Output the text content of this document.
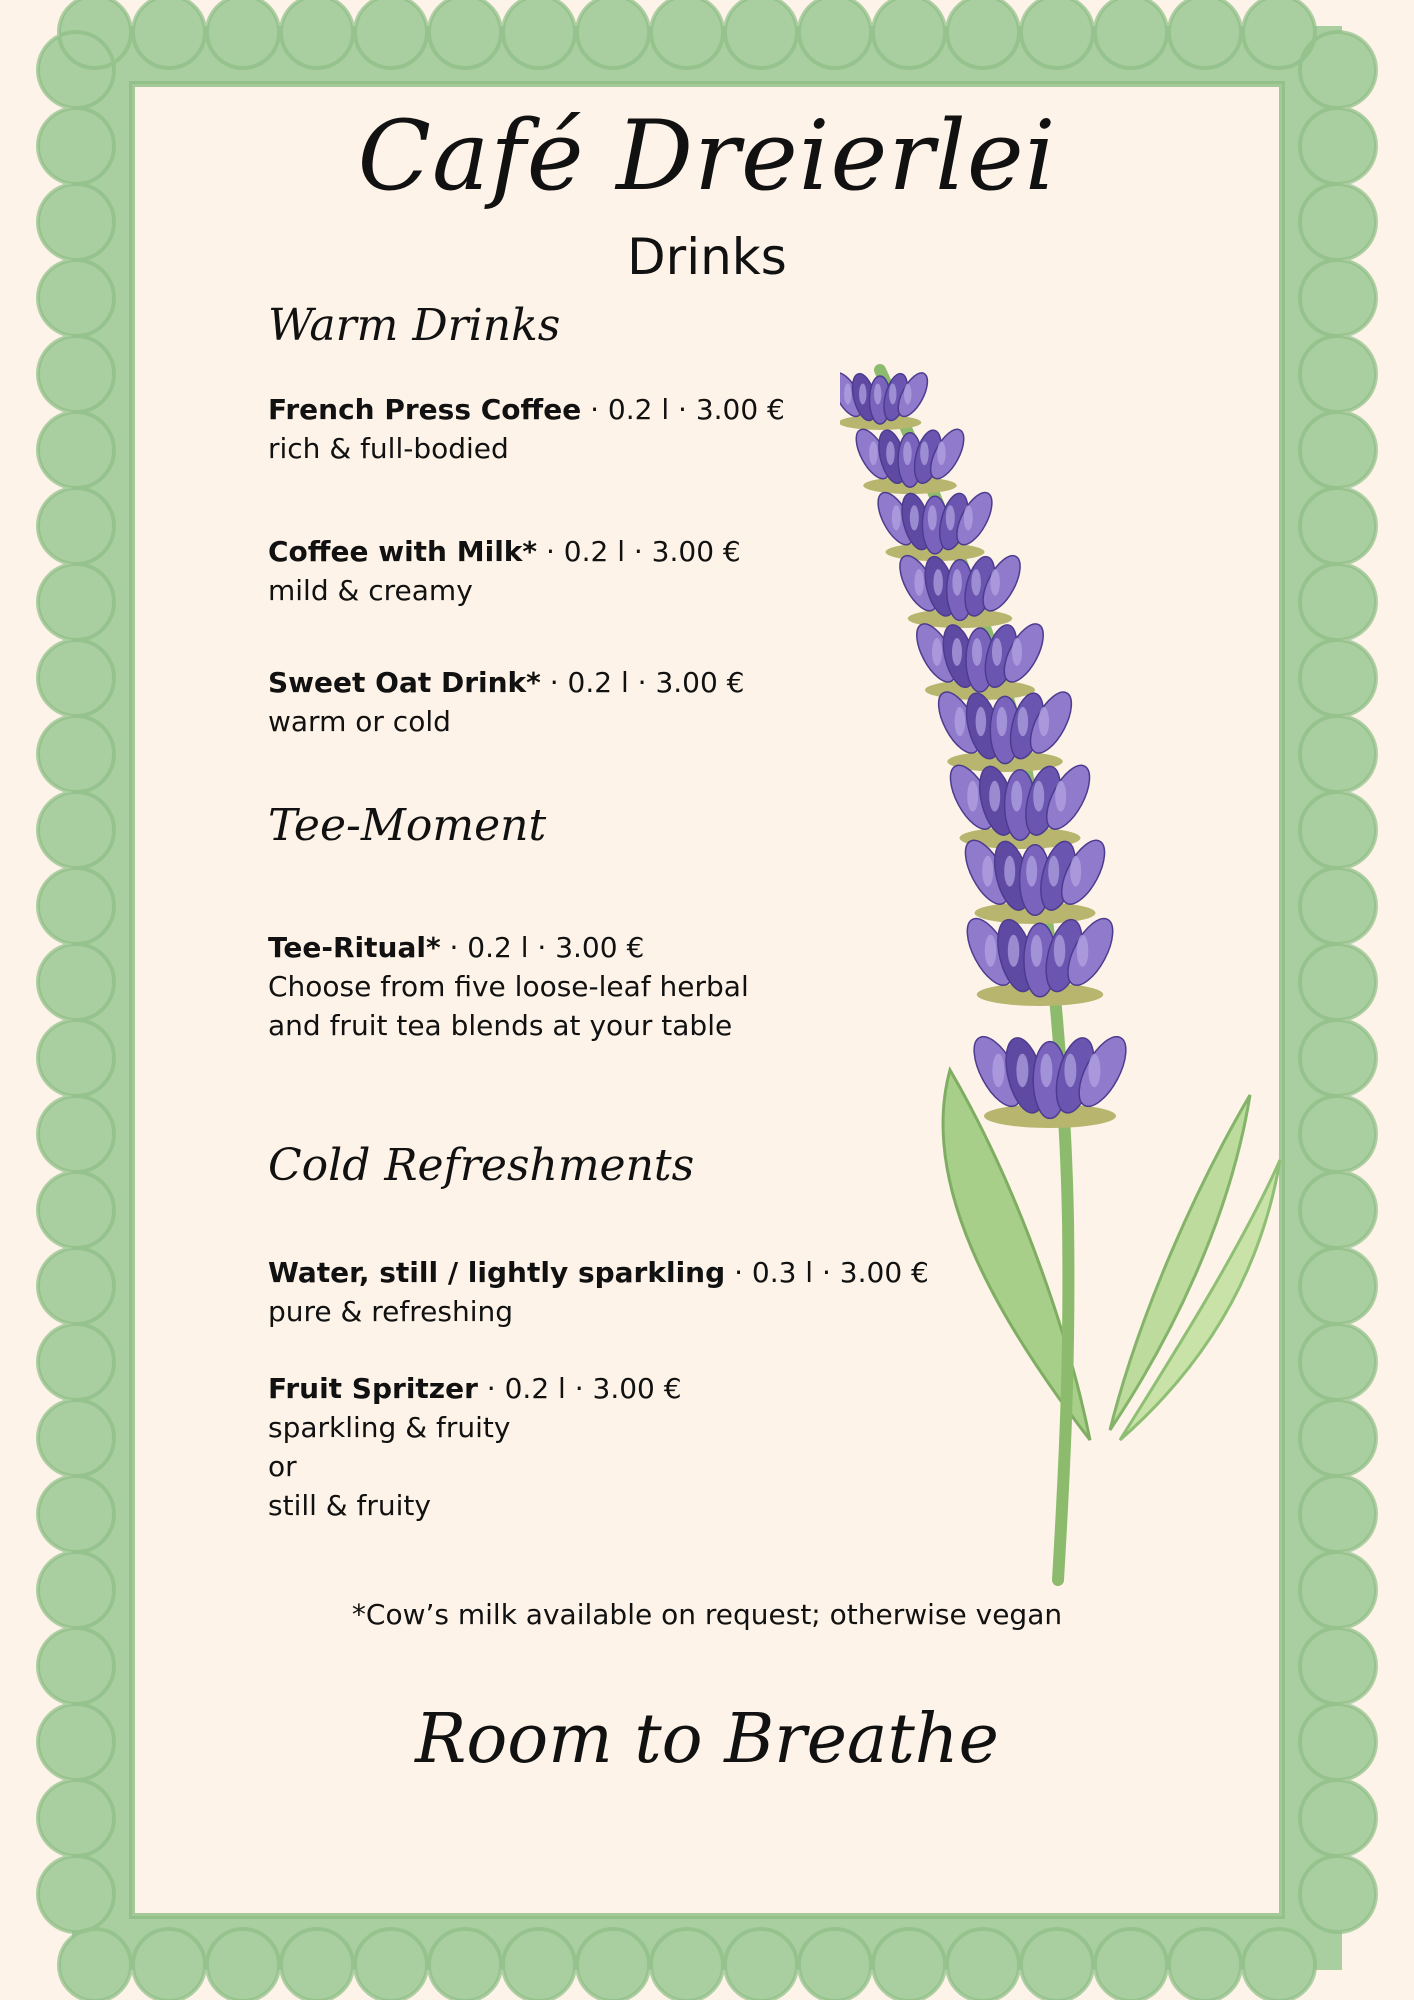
Café Dreierlei
Drinks
Warm Drinks
French Press Coffee · 0.2 l · 3.00 €
rich & full-bodied
Coffee with Milk* · 0.2 l · 3.00 €
mild & creamy
Sweet Oat Drink* · 0.2 l · 3.00 €
warm or cold
Tee-Moment
Tee-Ritual* · 0.2 l · 3.00 €
Choose from five loose-leaf herbal
and fruit tea blends at your table
Cold Refreshments
Water, still / lightly sparkling · 0.3 l · 3.00 €
pure & refreshing
Fruit Spritzer · 0.2 l · 3.00 €
sparkling & fruity
or
still & fruity
*Cow’s milk available on request; otherwise vegan
Room to Breathe
